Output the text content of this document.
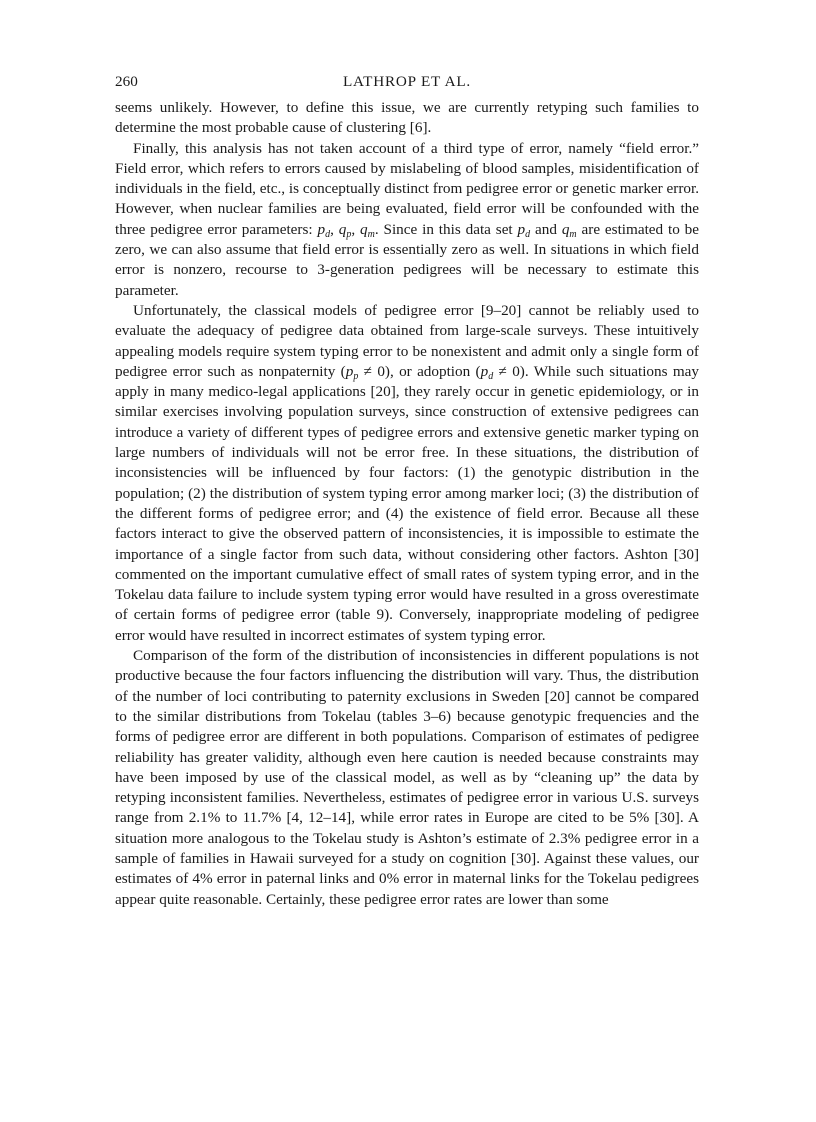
260	LATHROP ET AL.

seems unlikely. However, to define this issue, we are currently retyping such families to determine the most probable cause of clustering [6].

Finally, this analysis has not taken account of a third type of error, namely “field error.” Field error, which refers to errors caused by mislabeling of blood samples, misidentification of individuals in the field, etc., is conceptually distinct from pedigree error or genetic marker error. However, when nuclear families are being evaluated, field error will be confounded with the three pedigree error parameters: $p_d$, $q_p$, $q_m$. Since in this data set $p_d$ and $q_m$ are estimated to be zero, we can also assume that field error is essentially zero as well. In situations in which field error is nonzero, recourse to 3-generation pedigrees will be necessary to estimate this parameter.

Unfortunately, the classical models of pedigree error [9–20] cannot be reliably used to evaluate the adequacy of pedigree data obtained from large-scale surveys. These intuitively appealing models require system typing error to be nonexistent and admit only a single form of pedigree error such as nonpaternity $(p_p \ne 0)$, or adoption $(p_d \ne 0)$. While such situations may apply in many medico-legal applications [20], they rarely occur in genetic epidemiology, or in similar exercises involving population surveys, since construction of extensive pedigrees can introduce a variety of different types of pedigree errors and extensive genetic marker typing on large numbers of individuals will not be error free. In these situations, the distribution of inconsistencies will be influenced by four factors: (1) the genotypic distribution in the population; (2) the distribution of system typing error among marker loci; (3) the distribution of the different forms of pedigree error; and (4) the existence of field error. Because all these factors interact to give the observed pattern of inconsistencies, it is impossible to estimate the importance of a single factor from such data, without considering other factors. Ashton [30] commented on the important cumulative effect of small rates of system typing error, and in the Tokelau data failure to include system typing error would have resulted in a gross overestimate of certain forms of pedigree error (table 9). Conversely, inappropriate modeling of pedigree error would have resulted in incorrect estimates of system typing error.

Comparison of the form of the distribution of inconsistencies in different populations is not productive because the four factors influencing the distribution will vary. Thus, the distribution of the number of loci contributing to paternity exclusions in Sweden [20] cannot be compared to the similar distributions from Tokelau (tables 3–6) because genotypic frequencies and the forms of pedigree error are different in both populations. Comparison of estimates of pedigree reliability has greater validity, although even here caution is needed because constraints may have been imposed by use of the classical model, as well as by “cleaning up” the data by retyping inconsistent families. Nevertheless, estimates of pedigree error in various U.S. surveys range from 2.1% to 11.7% [4, 12–14], while error rates in Europe are cited to be 5% [30]. A situation more analogous to the Tokelau study is Ashton’s estimate of 2.3% pedigree error in a sample of families in Hawaii surveyed for a study on cognition [30]. Against these values, our estimates of 4% error in paternal links and 0% error in maternal links for the Tokelau pedigrees appear quite reasonable. Certainly, these pedigree error rates are lower than some
